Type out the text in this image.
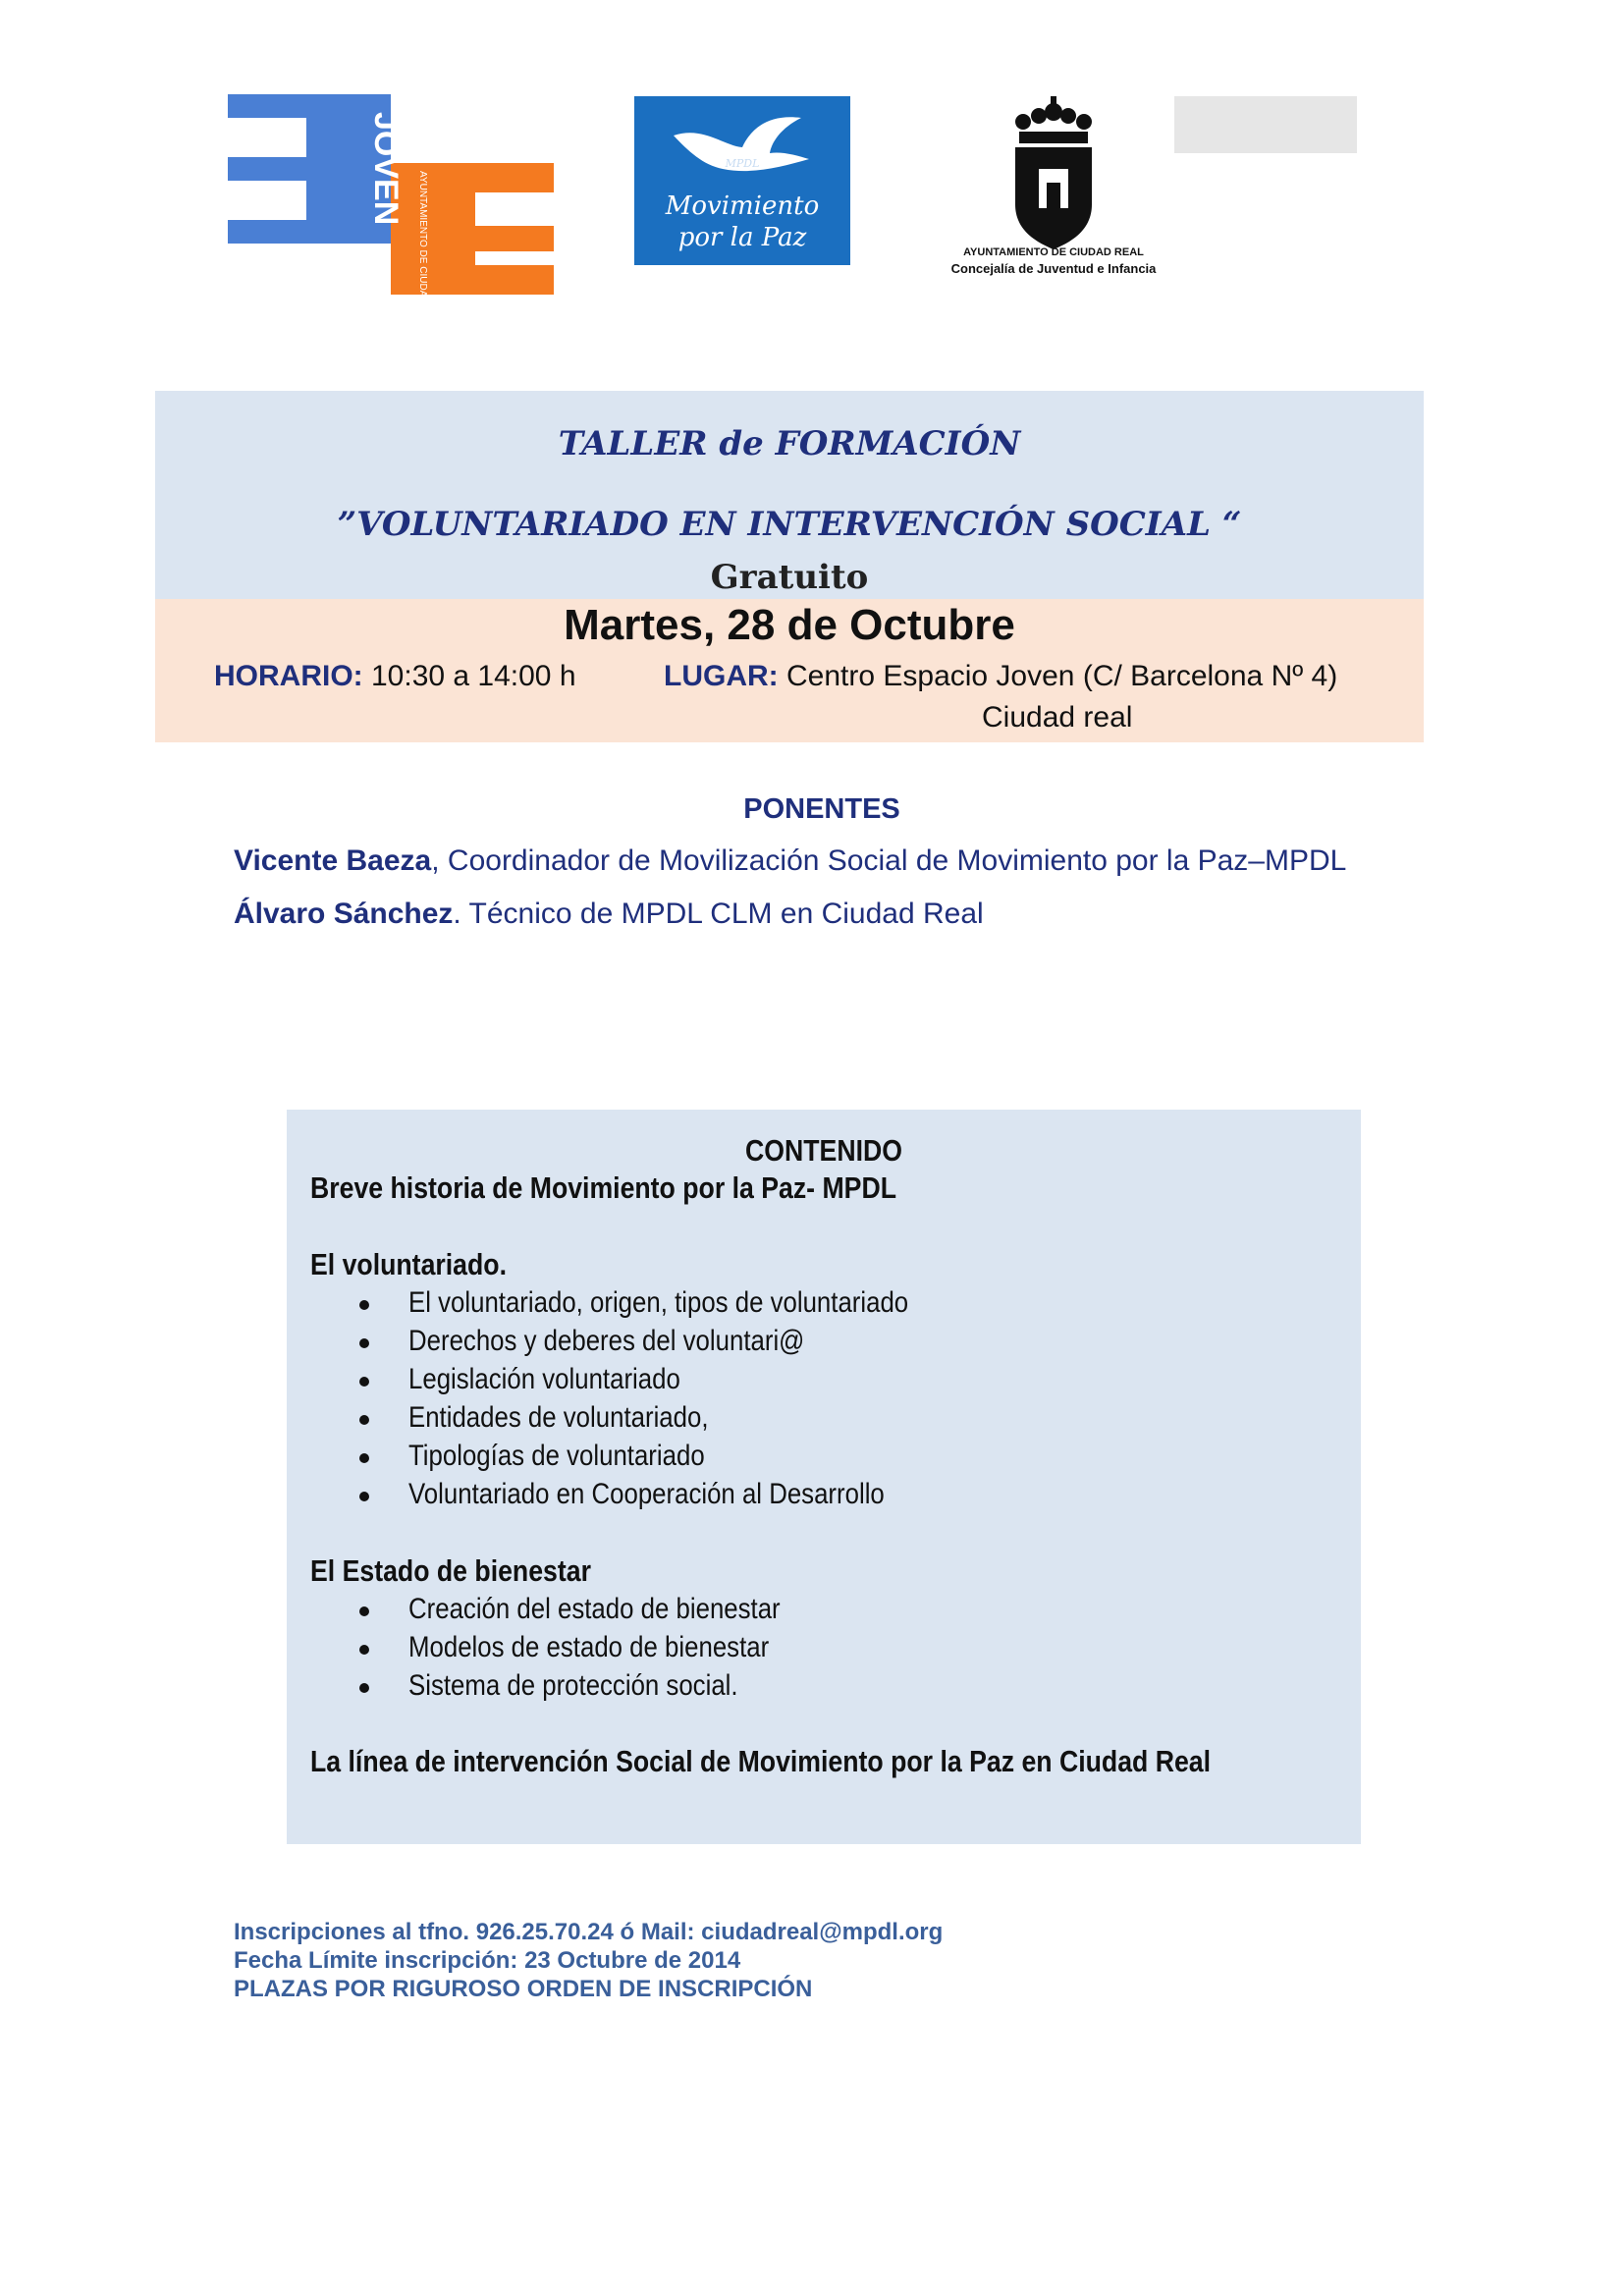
JOVEN
AYUNTAMIENTO DE CIUDAD REAL
MPDL
Movimiento
por la Paz	AYUNTAMIENTO DE CIUDAD REAL
Concejalía de Juventud e Infancia
TALLER de FORMACIÓN
”VOLUNTARIADO EN INTERVENCIÓN SOCIAL “
Gratuito
Martes, 28 de Octubre
HORARIO: 10:30 a 14:00 h	LUGAR: Centro Espacio Joven (C/ Barcelona Nº 4)
Ciudad real
PONENTES
Vicente Baeza, Coordinador de Movilización Social de Movimiento por la Paz–MPDL
Álvaro Sánchez. Técnico de MPDL CLM en Ciudad Real
CONTENIDO
Breve historia de Movimiento por la Paz- MPDL
El voluntariado.
El voluntariado, origen, tipos de voluntariado
Derechos y deberes del voluntari@
Legislación voluntariado
Entidades de voluntariado,
Tipologías de voluntariado
Voluntariado en Cooperación al Desarrollo
El Estado de bienestar
Creación del estado de bienestar
Modelos de estado de bienestar
Sistema de protección social.
La línea de intervención Social de Movimiento por la Paz en Ciudad Real
Inscripciones al tfno. 926.25.70.24 ó Mail: ciudadreal@mpdl.org
Fecha Límite inscripción: 23 Octubre de 2014
PLAZAS POR RIGUROSO ORDEN DE INSCRIPCIÓN
